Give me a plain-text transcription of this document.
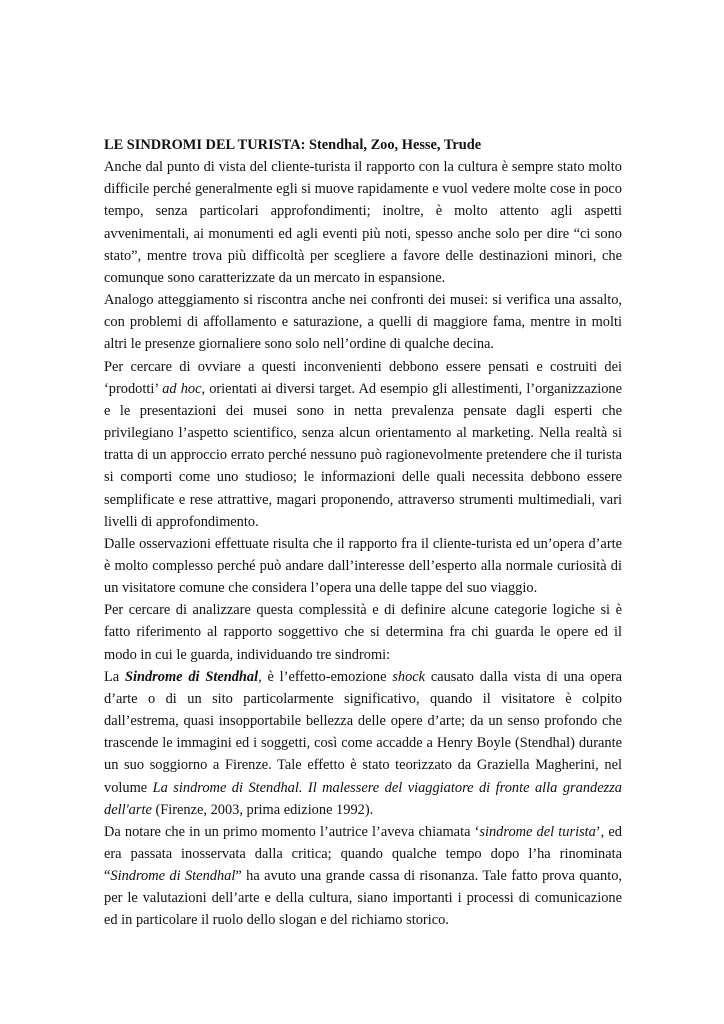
LE SINDROMI DEL TURISTA: Stendhal, Zoo, Hesse, Trude

Anche dal punto di vista del cliente-turista il rapporto con la cultura è sempre stato molto difficile perché generalmente egli si muove rapidamente e vuol vedere molte cose in poco tempo, senza particolari approfondimenti; inoltre, è molto attento agli aspetti avvenimentali, ai monumenti ed agli eventi più noti, spesso anche solo per dire “ci sono stato”, mentre trova più difficoltà per scegliere a favore delle destinazioni minori, che comunque sono caratterizzate da un mercato in espansione.

Analogo atteggiamento si riscontra anche nei confronti dei musei: si verifica una assalto, con problemi di affollamento e saturazione, a quelli di maggiore fama, mentre in molti altri le presenze giornaliere sono solo nell’ordine di qualche decina.

Per cercare di ovviare a questi inconvenienti debbono essere pensati e costruiti dei ‘prodotti’ ad hoc, orientati ai diversi target. Ad esempio gli allestimenti, l’organizzazione e le presentazioni dei musei sono in netta prevalenza pensate dagli esperti che privilegiano l’aspetto scientifico, senza alcun orientamento al marketing. Nella realtà si tratta di un approccio errato perché nessuno può ragionevolmente pretendere che il turista si comporti come uno studioso; le informazioni delle quali necessita debbono essere semplificate e rese attrattive, magari proponendo, attraverso strumenti multimediali, vari livelli di approfondimento.

Dalle osservazioni effettuate risulta che il rapporto fra il cliente-turista ed un’opera d’arte è molto complesso perché può andare dall’interesse dell’esperto alla normale curiosità di un visitatore comune che considera l’opera una delle tappe del suo viaggio.

Per cercare di analizzare questa complessità e di definire alcune categorie logiche si è fatto riferimento al rapporto soggettivo che si determina fra chi guarda le opere ed il modo in cui le guarda, individuando tre sindromi:

La Sindrome di Stendhal, è l’effetto-emozione shock causato dalla vista di una opera d’arte o di un sito particolarmente significativo, quando il visitatore è colpito dall’estrema, quasi insopportabile bellezza delle opere d’arte; da un senso profondo che trascende le immagini ed i soggetti, così come accadde a Henry Boyle (Stendhal) durante un suo soggiorno a Firenze. Tale effetto è stato teorizzato da Graziella Magherini, nel volume La sindrome di Stendhal. Il malessere del viaggiatore di fronte alla grandezza dell'arte (Firenze, 2003, prima edizione 1992).

Da notare che in un primo momento l’autrice l’aveva chiamata ‘sindrome del turista’, ed era passata inosservata dalla critica; quando qualche tempo dopo l’ha rinominata “Sindrome di Stendhal” ha avuto una grande cassa di risonanza. Tale fatto prova quanto, per le valutazioni dell’arte e della cultura, siano importanti i processi di comunicazione ed in particolare il ruolo dello slogan e del richiamo storico.
